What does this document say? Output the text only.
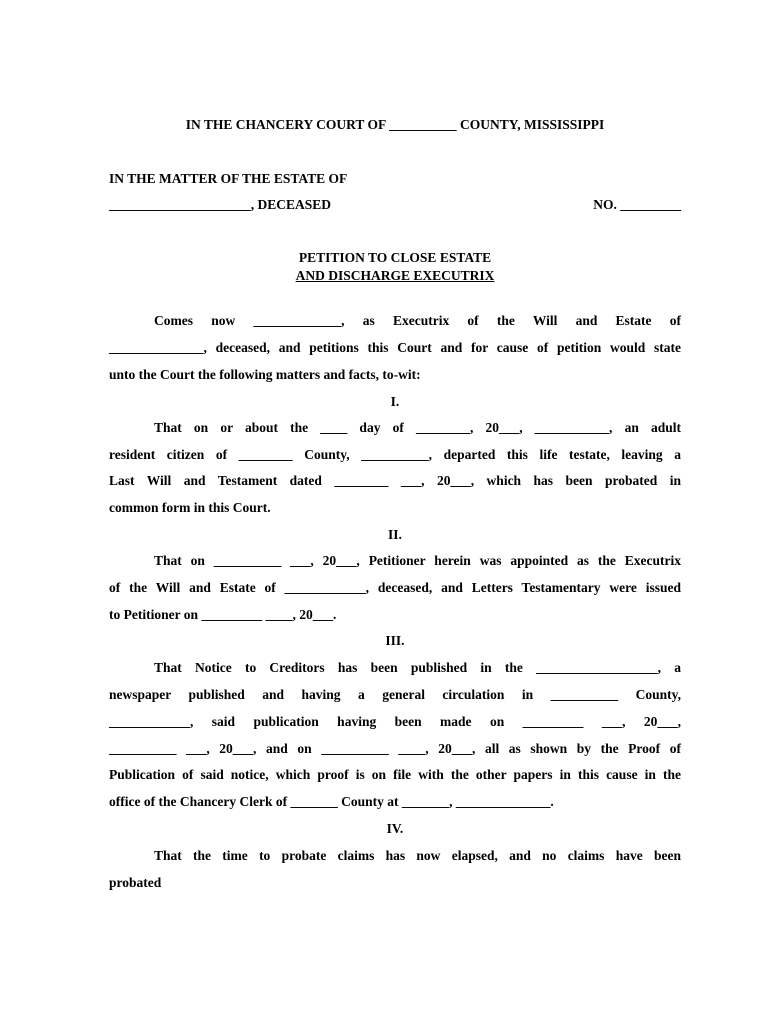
IN THE CHANCERY COURT OF __________ COUNTY, MISSISSIPPI
IN THE MATTER OF THE ESTATE OF
_____________________, DECEASED	NO. _________
PETITION TO CLOSE ESTATE
AND DISCHARGE EXECUTRIX
Comes now _____________, as Executrix of the Will and Estate of
______________, deceased, and petitions this Court and for cause of petition would state
unto the Court the following matters and facts, to-wit:
I.
That on or about the ____ day of ________, 20___, ___________, an adult
resident citizen of ________ County, __________, departed this life testate, leaving a
Last Will and Testament dated ________ ___, 20___, which has been probated in
common form in this Court.
II.
That on __________ ___, 20___, Petitioner herein was appointed as the Executrix
of the Will and Estate of ____________, deceased, and Letters Testamentary were issued
to Petitioner on _________ ____, 20___.
III.
That Notice to Creditors has been published in the __________________, a
newspaper published and having a general circulation in __________ County,
____________, said publication having been made on _________ ___, 20___,
__________ ___, 20___, and on __________ ____, 20___, all as shown by the Proof of
Publication of said notice, which proof is on file with the other papers in this cause in the
office of the Chancery Clerk of _______ County at _______, ______________.
IV.
That the time to probate claims has now elapsed, and no claims have been
probated
